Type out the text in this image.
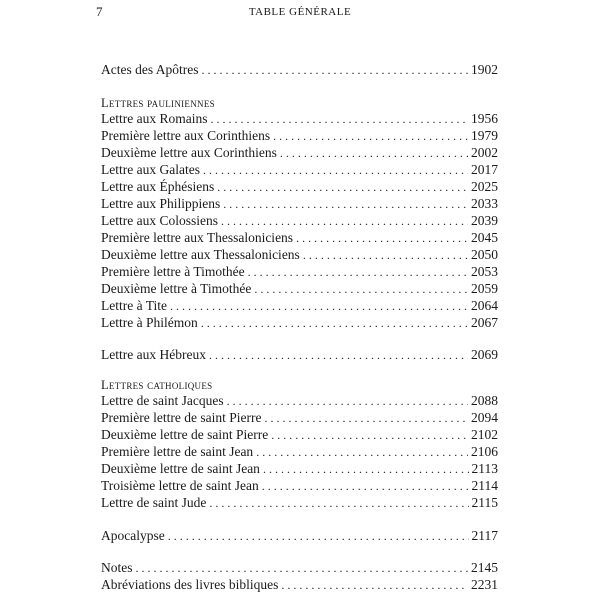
7	TABLE GÉNÉRALE
Actes des Apôtres . . .	1902
Lettres pauliniennes
Lettre aux Romains . . .	1956
Première lettre aux Corinthiens . . .	1979
Deuxième lettre aux Corinthiens . . .	2002
Lettre aux Galates . . .	2017
Lettre aux Éphésiens . . .	2025
Lettre aux Philippiens . . .	2033
Lettre aux Colossiens . . .	2039
Première lettre aux Thessaloniciens . . .	2045
Deuxième lettre aux Thessaloniciens . . .	2050
Première lettre à Timothée . . .	2053
Deuxième lettre à Timothée . . .	2059
Lettre à Tite . . .	2064
Lettre à Philémon . . .	2067
Lettre aux Hébreux . . .	2069
Lettres catholiques
Lettre de saint Jacques . . .	2088
Première lettre de saint Pierre . . .	2094
Deuxième lettre de saint Pierre . . .	2102
Première lettre de saint Jean . . .	2106
Deuxième lettre de saint Jean . . .	2113
Troisième lettre de saint Jean . . .	2114
Lettre de saint Jude . . .	2115
Apocalypse . . .	2117
Notes . . .	2145
Abréviations des livres bibliques . . .	2231
